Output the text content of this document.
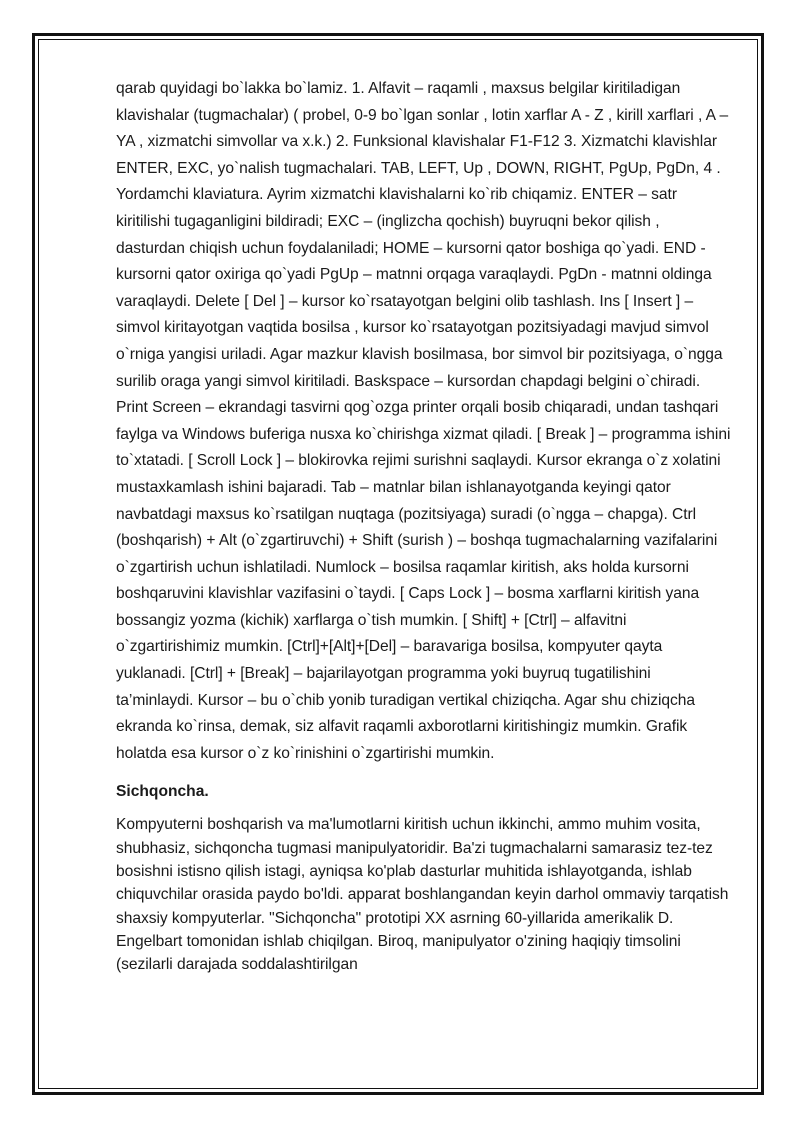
qarab quyidagi bo`lakka bo`lamiz. 1. Alfavit – raqamli , maxsus belgilar kiritiladigan klavishalar (tugmachalar) ( probel, 0-9 bo`lgan sonlar , lotin xarflar A - Z , kirill xarflari , A – YA , xizmatchi simvollar va x.k.) 2. Funksional klavishalar F1-F12 3. Xizmatchi klavishlar ENTER, EXC, yo`nalish tugmachalari. TAB, LEFT, Up , DOWN, RIGHT, PgUp, PgDn, 4 . Yordamchi klaviatura. Ayrim xizmatchi klavishalarni ko`rib chiqamiz. ENTER – satr kiritilishi tugaganligini bildiradi; EXC – (inglizcha qochish) buyruqni bekor qilish , dasturdan chiqish uchun foydalaniladi; HOME – kursorni qator boshiga qo`yadi. END - kursorni qator oxiriga qo`yadi PgUp – matnni orqaga varaqlaydi. PgDn - matnni oldinga varaqlaydi. Delete [ Del ] – kursor ko`rsatayotgan belgini olib tashlash. Ins [ Insert ] – simvol kiritayotgan vaqtida bosilsa , kursor ko`rsatayotgan pozitsiyadagi mavjud simvol o`rniga yangisi uriladi. Agar mazkur klavish bosilmasa, bor simvol bir pozitsiyaga, o`ngga surilib oraga yangi simvol kiritiladi. Baskspace – kursordan chapdagi belgini o`chiradi. Print Screen – ekrandagi tasvirni qog`ozga printer orqali bosib chiqaradi, undan tashqari faylga va Windows buferiga nusxa ko`chirishga xizmat qiladi. [ Break ] – programma ishini to`xtatadi. [ Scroll Lock ] – blokirovka rejimi surishni saqlaydi. Kursor ekranga o`z xolatini mustaxkamlash ishini bajaradi. Tab – matnlar bilan ishlanayotganda keyingi qator navbatdagi maxsus ko`rsatilgan nuqtaga (pozitsiyaga) suradi (o`ngga – chapga). Ctrl (boshqarish) + Alt (o`zgartiruvchi) + Shift (surish ) – boshqa tugmachalarning vazifalarini o`zgartirish uchun ishlatiladi. Numlock – bosilsa raqamlar kiritish, aks holda kursorni boshqaruvini klavishlar vazifasini o`taydi. [ Caps Lock ] – bosma xarflarni kiritish yana bossangiz yozma (kichik) xarflarga o`tish mumkin. [ Shift] + [Ctrl] – alfavitni o`zgartirishimiz mumkin. [Ctrl]+[Alt]+[Del] – baravariga bosilsa, kompyuter qayta yuklanadi. [Ctrl] + [Break] – bajarilayotgan programma yoki buyruq tugatilishini ta’minlaydi. Kursor – bu o`chib yonib turadigan vertikal chiziqcha. Agar shu chiziqcha ekranda ko`rinsa, demak, siz alfavit raqamli axborotlarni kiritishingiz mumkin. Grafik holatda esa kursor o`z ko`rinishini o`zgartirishi mumkin.

Sichqoncha.

Kompyuterni boshqarish va ma'lumotlarni kiritish uchun ikkinchi, ammo muhim vosita, shubhasiz, sichqoncha tugmasi manipulyatoridir. Ba'zi tugmachalarni samarasiz tez-tez bosishni istisno qilish istagi, ayniqsa ko'plab dasturlar muhitida ishlayotganda, ishlab chiquvchilar orasida paydo bo'ldi. apparat boshlangandan keyin darhol ommaviy tarqatish shaxsiy kompyuterlar. "Sichqoncha" prototipi XX asrning 60-yillarida amerikalik D. Engelbart tomonidan ishlab chiqilgan. Biroq, manipulyator o'zining haqiqiy timsolini (sezilarli darajada soddalashtirilgan
